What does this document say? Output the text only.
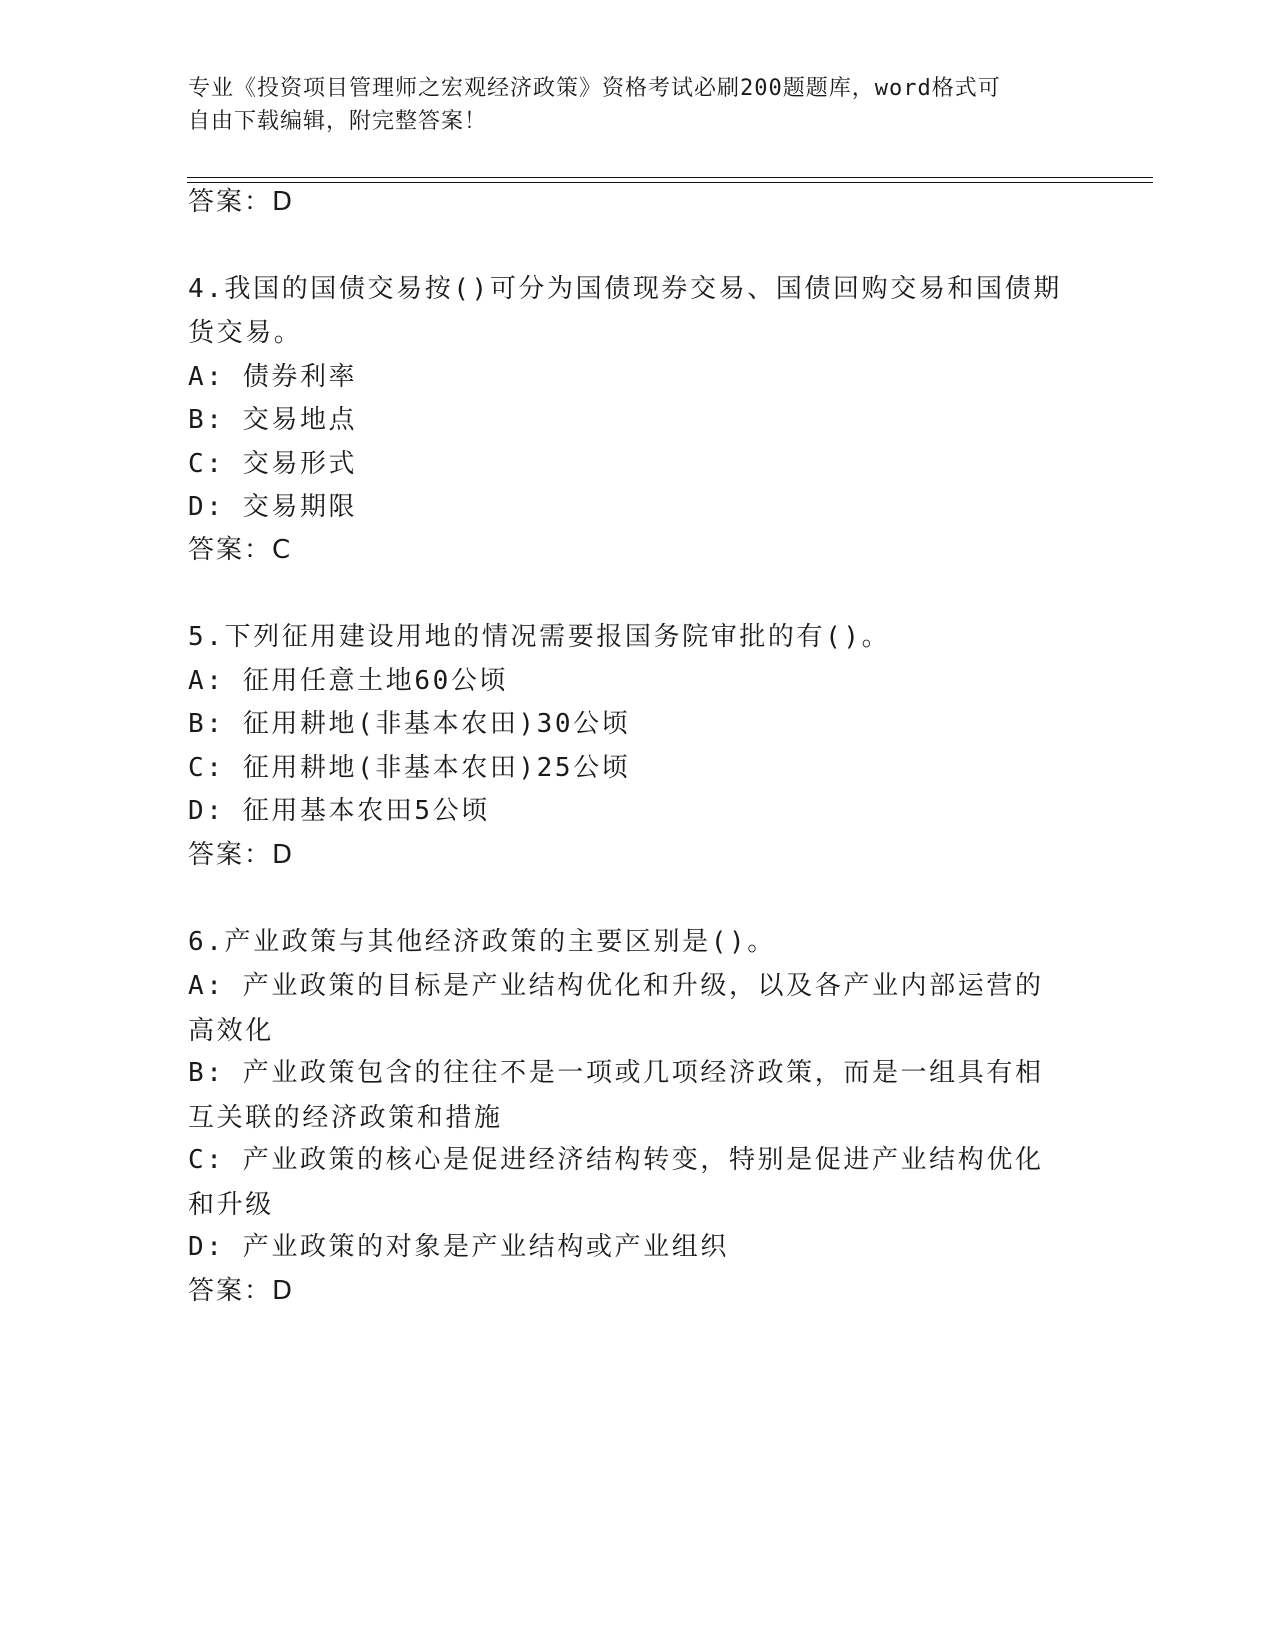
专业《投资项目管理师之宏观经济政策》资格考试必刷200题题库，word格式可
自由下载编辑，附完整答案！
答案：D
4.我国的国债交易按()可分为国债现券交易、国债回购交易和国债期
货交易。
A: 债券利率
B: 交易地点
C: 交易形式
D: 交易期限
答案：C
5.下列征用建设用地的情况需要报国务院审批的有()。
A: 征用任意土地60公顷
B: 征用耕地(非基本农田)30公顷
C: 征用耕地(非基本农田)25公顷
D: 征用基本农田5公顷
答案：D
6.产业政策与其他经济政策的主要区别是()。
A: 产业政策的目标是产业结构优化和升级，以及各产业内部运营的高效化
B: 产业政策包含的往往不是一项或几项经济政策，而是一组具有相互关联的经济政策和措施
C: 产业政策的核心是促进经济结构转变，特别是促进产业结构优化和升级
D: 产业政策的对象是产业结构或产业组织
答案：D
